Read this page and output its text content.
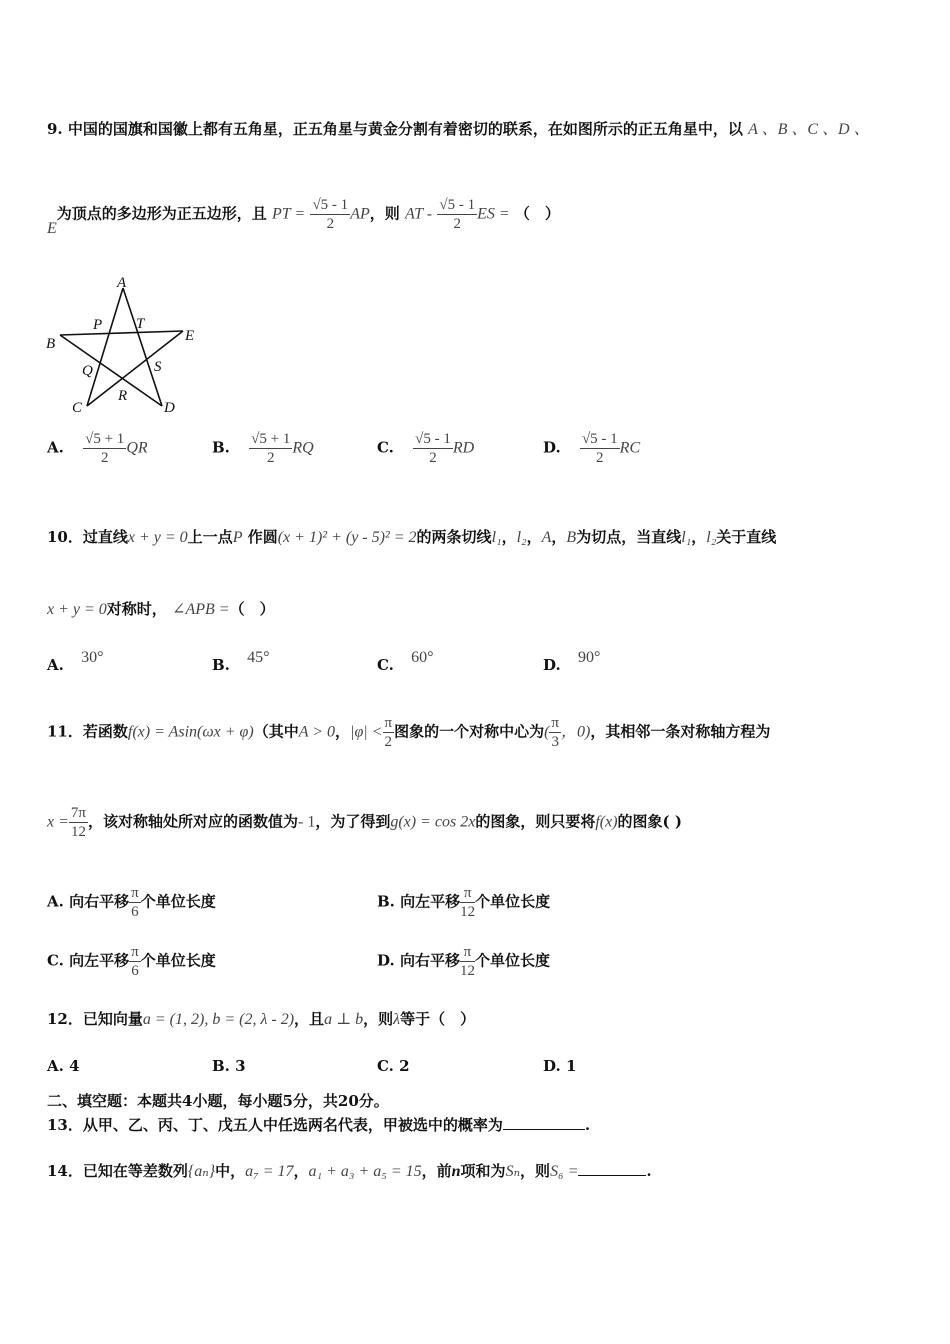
9. 中国的国旗和国徽上都有五角星，正五角星与黄金分割有着密切的联系，在如图所示的正五角星中，以 A 、B 、C 、D 、
E为顶点的多边形为正五边形，且 PT = $\frac{√5 - 1}{2}$ AP，则 AT - $\frac{√5 - 1}{2}$ ES = （　）
A
B
C	D
E
P T
Q	S
R
A. $\frac{√5 + 1}{2}$ QR	B. $\frac{√5 + 1}{2}$ RQ	C. $\frac{√5 - 1}{2}$ RD	D. $\frac{√5 - 1}{2}$ RC
10．过直线x + y = 0上一点P 作圆(x + 1)² + (y - 5)² = 2的两条切线l₁，l₂，A，B为切点，当直线l₁，l₂关于直线
x + y = 0对称时， ∠APB =（　）
A. 30°	B. 45°	C. 60°	D. 90°
11．若函数f(x) = Asin(ωx + φ)（其中A > 0，$|\varphi| < \frac{\pi}{2}$ 图象的一个对称中心为( $\frac{\pi}{3}$ ，0)，其相邻一条对称轴方程为
$x = \frac{7\pi}{12}$ ，该对称轴处所对应的函数值为- 1，为了得到g(x) = cos 2x的图象，则只要将f(x)的图象( )
A. 向右平移 $\frac{\pi}{6}$ 个单位长度	B. 向左平移 $\frac{\pi}{12}$ 个单位长度
C. 向左平移 $\frac{\pi}{6}$ 个单位长度	D. 向右平移 $\frac{\pi}{12}$ 个单位长度
12．已知向量a = (1, 2), b = (2, λ - 2)，且a ⊥ b，则λ等于（　）
A. 4	B. 3	C. 2	D. 1
二、填空题：本题共4小题，每小题5分，共20分。
13．从甲、乙、丙、丁、戊五人中任选两名代表，甲被选中的概率为	.
14．已知在等差数列{aₙ}中，a₇ = 17，a₁ + a₃ + a₅ = 15，前n项和为Sₙ，则S₆ =	.
